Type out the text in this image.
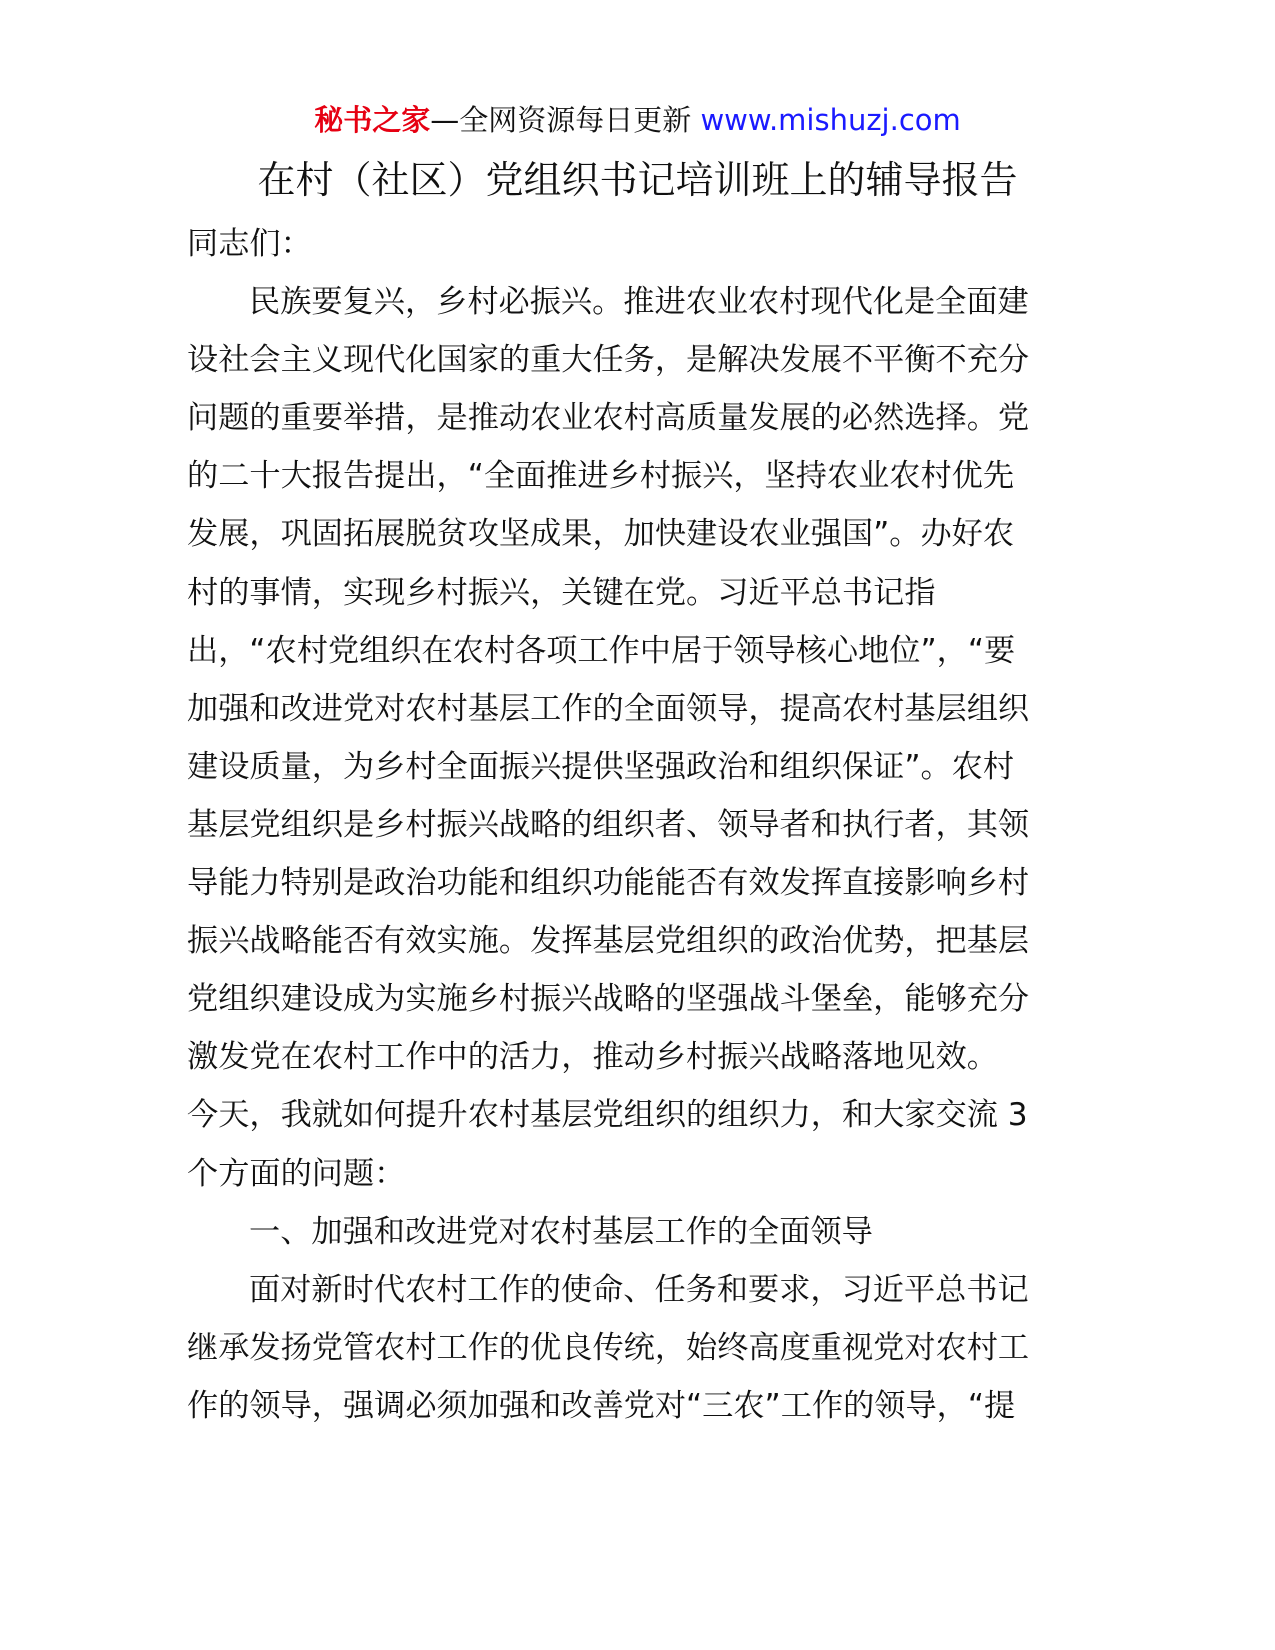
秘书之家—全网资源每日更新 www.mishuzj.com
在村（社区）党组织书记培训班上的辅导报告
同志们：
民族要复兴，乡村必振兴。推进农业农村现代化是全面建
设社会主义现代化国家的重大任务，是解决发展不平衡不充分
问题的重要举措，是推动农业农村高质量发展的必然选择。党
的二十大报告提出，“全面推进乡村振兴，坚持农业农村优先
发展，巩固拓展脱贫攻坚成果，加快建设农业强国”。办好农
村的事情，实现乡村振兴，关键在党。习近平总书记指
出，“农村党组织在农村各项工作中居于领导核心地位”，“要
加强和改进党对农村基层工作的全面领导，提高农村基层组织
建设质量，为乡村全面振兴提供坚强政治和组织保证”。农村
基层党组织是乡村振兴战略的组织者、领导者和执行者，其领
导能力特别是政治功能和组织功能能否有效发挥直接影响乡村
振兴战略能否有效实施。发挥基层党组织的政治优势，把基层
党组织建设成为实施乡村振兴战略的坚强战斗堡垒，能够充分
激发党在农村工作中的活力，推动乡村振兴战略落地见效。
今天，我就如何提升农村基层党组织的组织力，和大家交流 3
个方面的问题：
一、加强和改进党对农村基层工作的全面领导
面对新时代农村工作的使命、任务和要求，习近平总书记
继承发扬党管农村工作的优良传统，始终高度重视党对农村工
作的领导，强调必须加强和改善党对“三农”工作的领导，“提
